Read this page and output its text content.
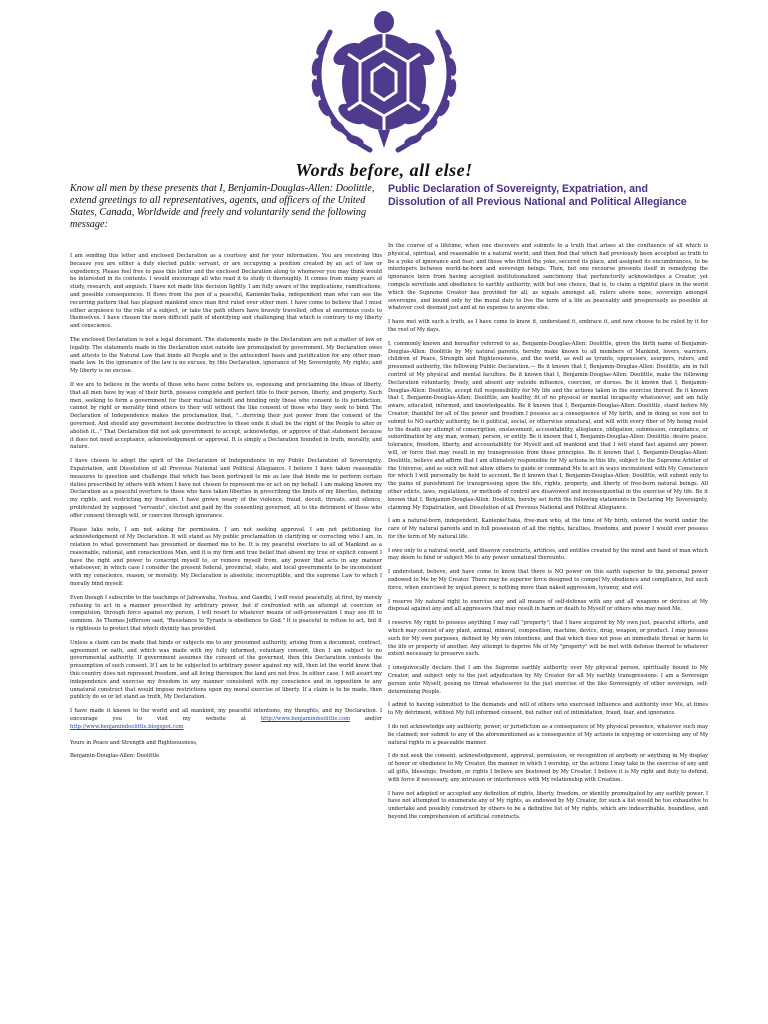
Words before, all else!
Know all men by these presents that I, Benjamin-Douglas-Allen: Doolittle, extend greetings to all representatives, agents, and officers of the United States, Canada, Worldwide and freely and voluntarily send the following message:
Public Declaration of Sovereignty, Expatriation, and Dissolution of all Previous National and Political Allegiance

I am sending this letter and enclosed Declaration as a courtesy and for your information. You are receiving this because you are either a duly elected public servant, or are occupying a position created by an act of law or expediency. Please feel free to pass this letter and the enclosed Declaration along to whomever you may think would be interested in its contents. I would encourage all who read it to study it thoroughly. It comes from many years of study, research, and anguish. I have not made this decision lightly. I am fully aware of the implications, ramifications, and possible consequences. It flows from the pen of a peaceful, Kanienke'haka, independent man who can see the recurring pattern that has plagued mankind since man first ruled over other men. I have come to believe that I must either acquiesce to the role of a subject, or take the path others have bravely travelled, often at enormous costs to themselves. I have chosen the more difficult path of identifying and challenging that which is contrary to my liberty and conscience.

The enclosed Declaration is not a legal document. The statements made in the Declaration are not a matter of law or legality. The statements made in the Declaration exist outside law promulgated by government. My Declaration owes and attests to the Natural Law that binds all People and is the antecedent basis and justification for any other man-made law. In the ignorance of the law is no excuse, by this Declaration, ignorance of My Sovereignty, My rights, and My liberty is no excuse.

If we are to believe in the words of those who have come before us, espousing and proclaiming the ideas of liberty, that all men have by way of their birth, possess complete and perfect title to their person, liberty, and property. Such men, seeking to form a government for their mutual benefit and binding only those who consent to its jurisdiction, cannot by right or morality bind others to their will without the like consent of those who they seek to bind. The Declaration of Independence makes the proclamation that, "...deriving their just power from the consent of the governed. And should any government become destructive to these ends it shall be the right of the People to alter or abolish it..." That Declaration did not ask government to accept, acknowledge, or approve of that statement because it does not need acceptance, acknowledgement or approval. It is simply a Declaration founded in truth, morality, and nature.

I have chosen to adopt the spirit of the Declaration of Independence in my Public Declaration of Sovereignty, Expatriation, and Dissolution of all Previous National and Political Allegiance. I believe I have taken reasonable measures to question and challenge that which has been portrayed to me as law that binds me to perform certain duties prescribed by others with whom I have not chosen to represent me or act on my behalf. I am making known my Declaration as a peaceful overture to those who have taken liberties in prescribing the limits of my liberties, defining my rights, and restricting my freedom. I have grown weary of the violence, fraud, deceit, threats, and silence, proliferated by supposed "servants", elected and paid by the consenting governed, all to the detriment of those who offer consent through will, or coercion through ignorance.

Please take note, I am not asking for permission. I am not seeking approval. I am not petitioning for acknowledgement of My Declaration. It will stand as My public proclamation in clarifying or correcting who I am, in relation to what government has presumed or deemed me to be. It is my peaceful overture to all of Mankind as a reasonable, rational, and conscientious Man, and it is my firm and true belief that absent my true or explicit consent I have the right and power to conscript myself to, or remove myself from, any power that acts in any manner whatsoever, in which case I consider the present federal, provincial, state, and local governments to be inconsistent with my conscience, reason, or morality. My Declaration is absolute, incorruptible, and the supreme Law to which I morally bind myself.

Even though I subscribe to the teachings of Jahvawaha, Yeshua, and Gandhi, I will resist peacefully, at first, by merely refusing to act in a manner prescribed by arbitrary power, but if confronted with an attempt at coercion or compulsion, through force against my person, I will resort to whatever means of self-preservation I may see fit to summon. As Thomas Jefferson said, "Resistance to Tyrants is obedience to God." It is peaceful to refuse to act, but it is righteous to protect that which divinity has provided.

Unless a claim can be made that binds or subjects me to any presumed authority, arising from a document, contract, agreement or oath, and which was made with my fully informed, voluntary consent, then I am subject to no governmental authority. If government assumes the consent of the governed, then this Declaration contests the presumption of such consent. If I am to be subjected to arbitrary power against my will, then let the world know that this country does not represent freedom, and all living thereupon the land are not free. In either case, I will assert my independence and exercise my freedom in any manner consistent with my conscience and in opposition to any unnatural construct that would impose restrictions upon my moral exercise of liberty. If a claim is to be made, then publicly do so or let stand as truth, My Declaration.

I have made it known to the world and all mankind, my peaceful intentions, my thoughts, and my Declaration. I encourage you to visit my website at	http://www.benjamindoolittle.com	and/or http://www.benjamindoolittle.blogspot.com

Yours in Peace and Strength and Righteousness,

Benjamin-Douglas-Allen: Doolittle

In the course of a lifetime, when one discovers and submits to a truth that arises at the confluence of all which is physical, spiritual, and reasonable in a natural world; and then find that which had previously been accepted as truth to be a yoke of ignorance and fear; and those who fitted the yoke, secured its place, and assigned its encumbrances, to be interlopers between world-be-born and sovereign beings. Then, but one recourse presents itself in remedying the ignorance born from having accepted institutionalized sanctimony that perfunctorily acknowledges a Creator, yet compels servitude and obedience to earthly authority, with but one choice, that is, to claim a rightful place in the world which the Supreme Creator has provided for all, as equals amongst all, rulers above none, sovereign amongst sovereigns, and bound only by the moral duty to live the term of a life as peaceably and prosperously as possible at whatever cost deemed just and at no expense to anyone else.

I have met with such a truth, as I have come to know it, understand it, embrace it, and now choose to be ruled by it for the rest of My days.

I, commonly known and hereafter referred to as, Benjamin-Douglas-Allen: Doolittle, given the birth name of Benjamin-Douglas-Allen: Doolittle by My natural parents, hereby make known to all members of Mankind, lovers, warriors, children of Peace, Strength and Righteousness, and the world, as well as tyrants, oppressors, usurpers, rulers, and presumed authority, the following Public Declaration.— Be it known that I, Benjamin-Douglas-Allen: Doolittle, am in full control of My physical and mental faculties. Be it known that I, Benjamin-Douglas-Allen: Doolittle, make the following Declaration voluntarily, freely, and absent any outside influence, coercion, or duress. Be it known that I, Benjamin-Douglas-Allen: Doolittle, accept full responsibility for My life and the actions taken in the exercise thereof. Be it known that I, Benjamin-Douglas-Allen: Doolittle, am healthy, fit of no physical or mental incapacity whatsoever, and am fully aware, educated, informed, and knowledgeable. Be it known that I, Benjamin-Douglas-Allen: Doolittle, stand before My Creator, thankful for all of the power and freedom I possess as a consequence of My birth, and in doing so vow not to submit to NO earthly authority, be it political, social, or otherwise unnatural, and will with every fiber of My being resist to the death any attempt of conscription, enslavement, accountability, allegiance, obligation, submission, compliance, or subordination by any man, woman, person, or entity. Be it known that I, Benjamin-Douglas-Allen: Doolittle, desire peace, tolerance, freedom, liberty, and accountability for Myself and all mankind and that I will stand fast against any power, will, or force that may result in my transgression from these principles. Be it known that I, Benjamin-Douglas-Allen: Doolittle, believe and affirm that I am ultimately responsible for My actions in this life, subject to the Supreme Arbiter of the Universe, and as such will not allow others to guide or command Me to act in ways inconsistent with My Conscience for which I will personally be held to account. Be it known that I, Benjamin-Douglas-Allen: Doolittle, will submit only to the pains of punishment for transgressing upon the life, rights, property, and liberty of free-born natural beings. All other edicts, laws, regulations, or methods of control are disavowed and inconsequential in the exercise of My life. Be it known that I, Benjamin-Douglas-Allen: Doolittle, hereby set forth the following statements in Declaring My Sovereignty, claiming My Expatriation, and Dissolution of all Previous National and Political Allegiance.

I am a natural-born, independent, Kanienke'haka, free-man who, at the time of My birth, entered the world under the care of My natural parents and in full possession of all the rights, faculties, freedoms, and power I would ever possess for the term of My natural life.

I owe only to a natural world, and disavow constructs, artifices, and entities created by the mind and hand of man which may deem to bind or subject Me to any power unnatural thereunto.

I understand, believe, and have come to know that there is NO power on this earth superior to the personal power endowed to Me by My Creator. There may be superior force designed to compel My obedience and compliance, but such force, when exercised by unjust power, is nothing more than naked aggression, tyranny, and evil.

I reserve My natural right to exercise any and all means of self-defense with any and all weapons or devices at My disposal against any and all aggressors that may result in harm or death to Myself or others who may need Me.

I reserve My right to possess anything I may call "property"; that I have acquired by My own just, peaceful efforts, and which may consist of any plant, animal, mineral, composition, machine, device, drug, weapon, or product. I may possess such for My own purposes, defined by My own intentions, and that which does not pose an immediate threat or harm to the life or property of another. Any attempt to deprive Me of My "property" will be met with defense thereof to whatever extent necessary to preserve such.

I unequivocally declare that I am the Supreme earthly authority over My physical person, spiritually bound to My Creator, and subject only to the just adjudication by My Creator for all My earthly transgressions. I am a Sovereign person unto Myself, posing no threat whatsoever to the just exercise of the like Sovereignty of other sovereign, self-determining People.

I admit to having submitted to the demands and will of others who exercised influence and authority over Me, at times to My detriment, without My full informed consent, but rather out of intimidation, fraud, fear, and ignorance.

I do not acknowledge any authority, power, or jurisdiction as a consequence of My physical presence, whatever such may be claimed; nor submit to any of the aforementioned as a consequence of My actions in enjoying or exercising any of My natural rights in a peaceable manner.

I do not seek the consent, acknowledgement, approval, permission, or recognition of anybody or anything in My display of honor or obedience to My Creator, the manner in which I worship, or the actions I may take in the exercise of any and all gifts, blessings, freedom, or rights I believe are bestowed by My Creator. I believe it is My right and duty to defend, with force if necessary, any intrusion or interference with My relationship with Creation.

I have not adopted or accepted any definition of rights, liberty, freedom, or identity promulgated by any earthly power. I have not attempted to enumerate any of My rights, as endowed by My Creator, for such a list would be too exhaustive to undertake and possibly construed by others to be a definitive list of My rights, which are indescribable, boundless, and beyond the comprehension of artificial constructs.
